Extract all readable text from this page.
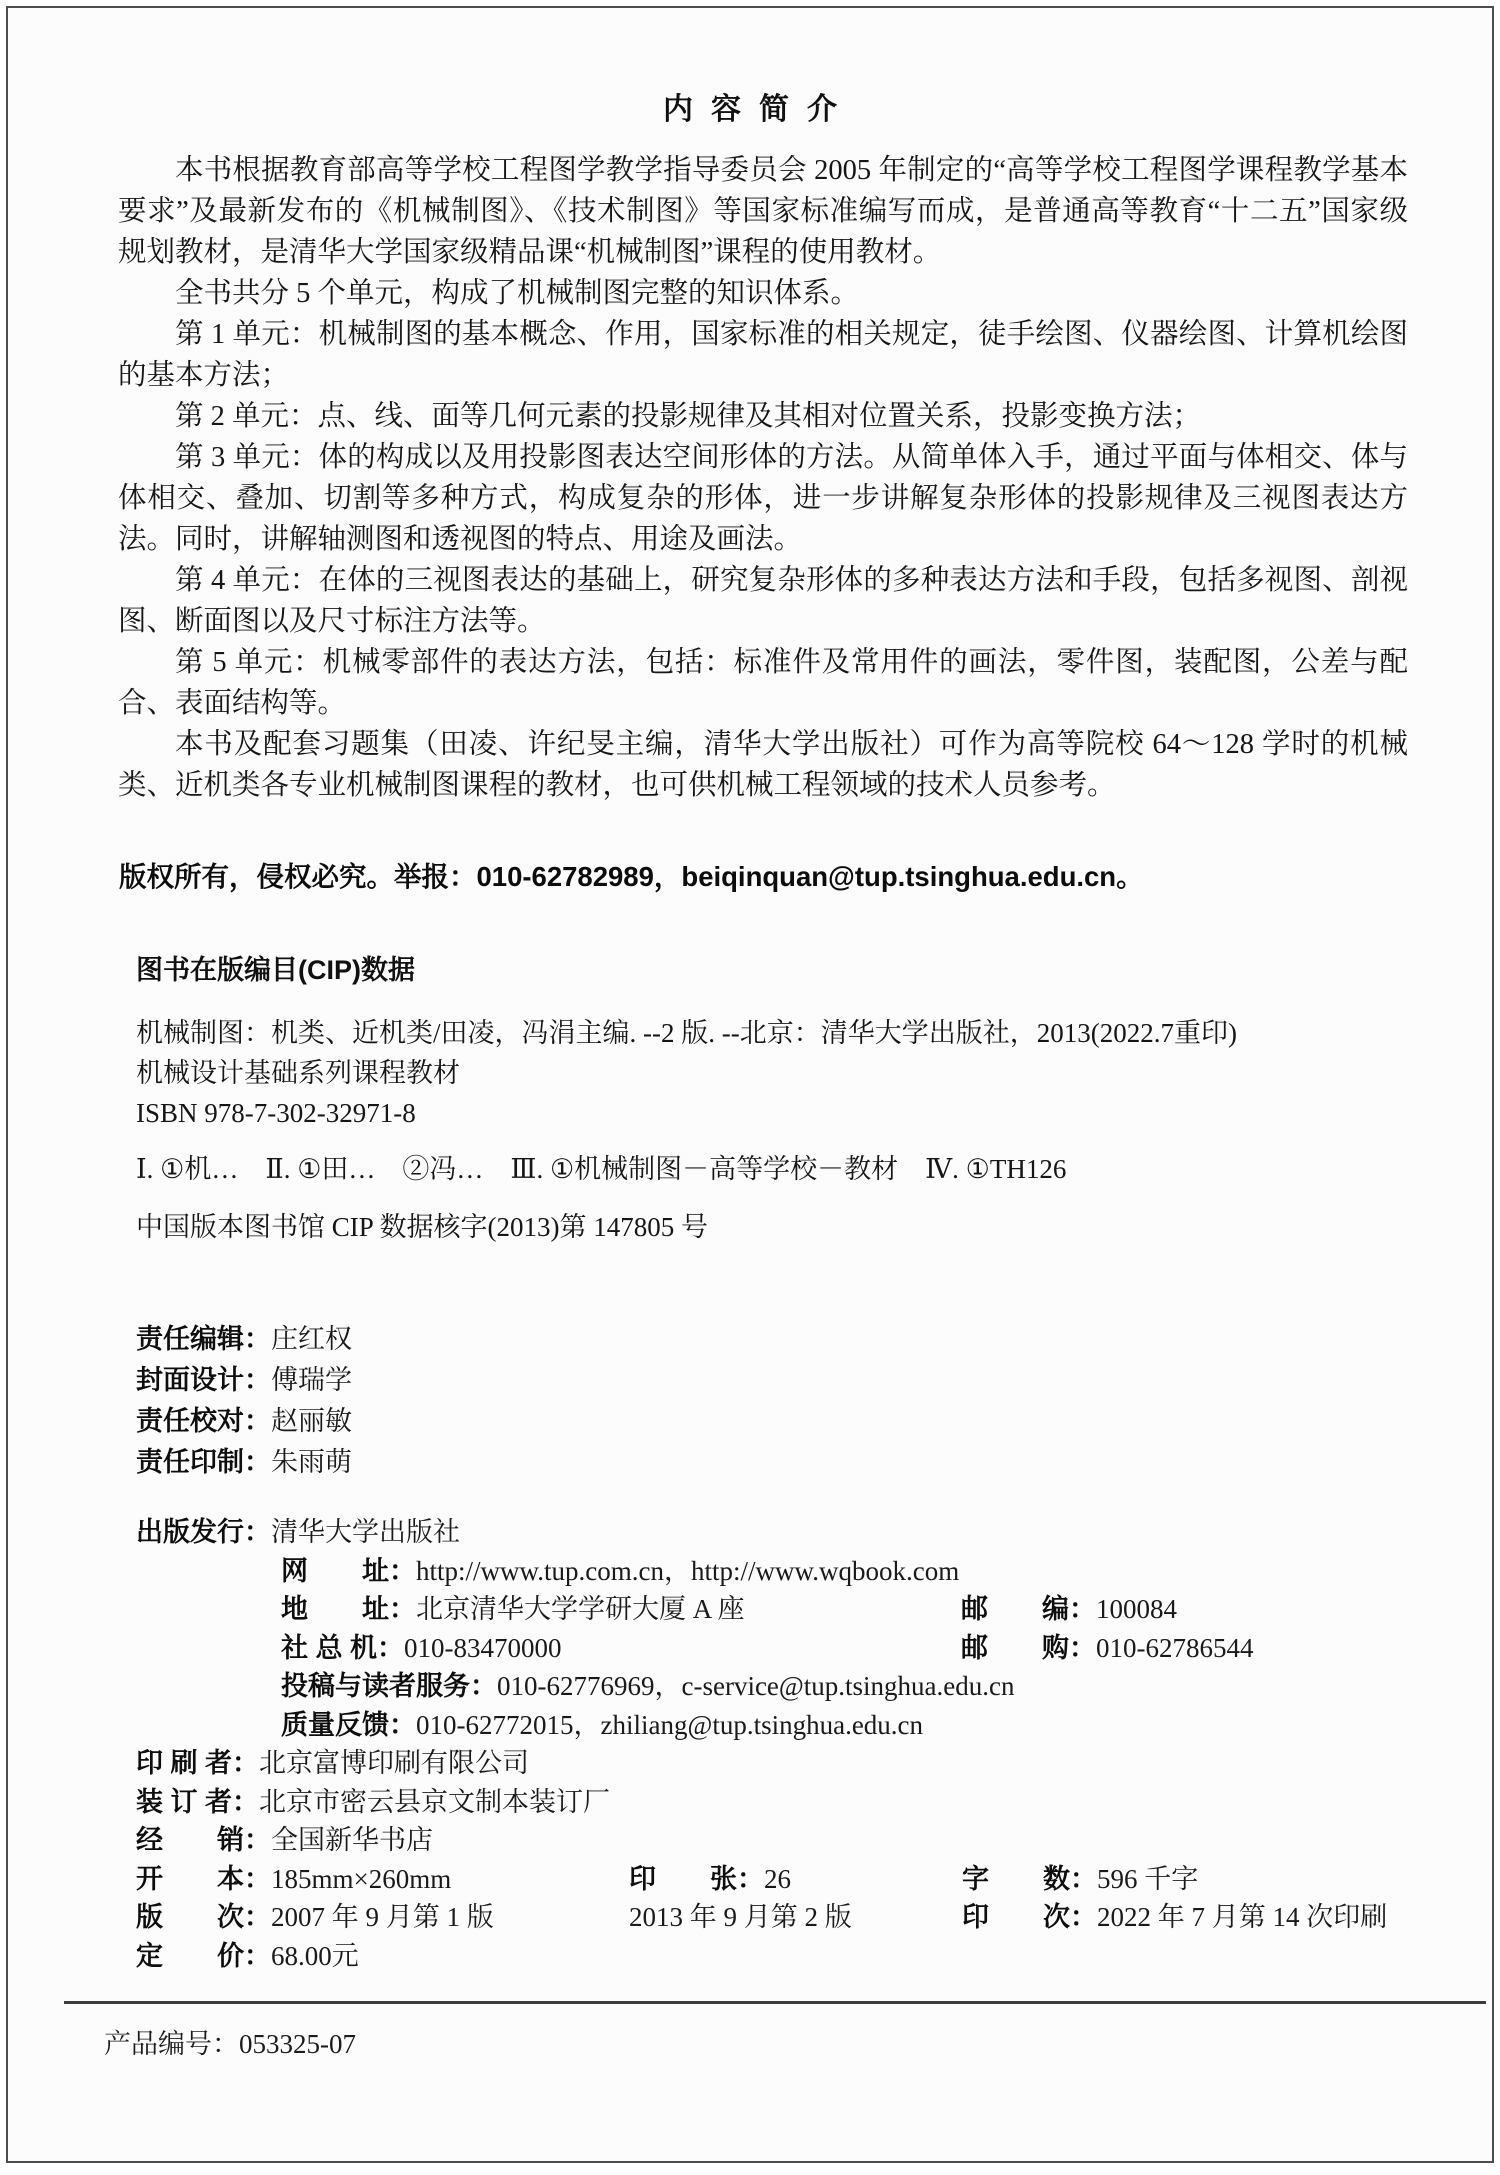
内容简介

本书根据教育部高等学校工程图学教学指导委员会 2005 年制定的“高等学校工程图学课程教学基本要求”及最新发布的《机械制图》、《技术制图》等国家标准编写而成，是普通高等教育“十二五”国家级规划教材，是清华大学国家级精品课“机械制图”课程的使用教材。

全书共分 5 个单元，构成了机械制图完整的知识体系。

第 1 单元：机械制图的基本概念、作用，国家标准的相关规定，徒手绘图、仪器绘图、计算机绘图的基本方法；

第 2 单元：点、线、面等几何元素的投影规律及其相对位置关系，投影变换方法；

第 3 单元：体的构成以及用投影图表达空间形体的方法。从简单体入手，通过平面与体相交、体与体相交、叠加、切割等多种方式，构成复杂的形体，进一步讲解复杂形体的投影规律及三视图表达方法。同时，讲解轴测图和透视图的特点、用途及画法。

第 4 单元：在体的三视图表达的基础上，研究复杂形体的多种表达方法和手段，包括多视图、剖视图、断面图以及尺寸标注方法等。

第 5 单元：机械零部件的表达方法，包括：标准件及常用件的画法，零件图，装配图，公差与配合、表面结构等。

本书及配套习题集（田凌、许纪旻主编，清华大学出版社）可作为高等院校 64～128 学时的机械类、近机类各专业机械制图课程的教材，也可供机械工程领域的技术人员参考。

版权所有，侵权必究。举报：010-62782989，beiqinquan@tup.tsinghua.edu.cn。

图书在版编目(CIP)数据

机械制图：机类、近机类/田凌，冯涓主编. --2 版. --北京：清华大学出版社，2013(2022.7重印)

机械设计基础系列课程教材

ISBN 978-7-302-32971-8

Ⅰ. ①机…　Ⅱ. ①田…　②冯…　Ⅲ. ①机械制图－高等学校－教材　Ⅳ. ①TH126

中国版本图书馆 CIP 数据核字(2013)第 147805 号

责任编辑：庄红权
封面设计：傅瑞学
责任校对：赵丽敏
责任印制：朱雨萌
出版发行：清华大学出版社
网　　址：http://www.tup.com.cn，http://www.wqbook.com
地　　址：北京清华大学学研大厦 A 座	邮　　编：100084
社 总 机：010-83470000	邮　　购：010-62786544
投稿与读者服务：010-62776969，c-service@tup.tsinghua.edu.cn
质量反馈：010-62772015，zhiliang@tup.tsinghua.edu.cn
印 刷 者：北京富博印刷有限公司
装 订 者：北京市密云县京文制本装订厂
经　　销：全国新华书店
开　　本：185mm×260mm	印　　张：26	字　　数：596 千字
版　　次：2007 年 9 月第 1 版	2013 年 9 月第 2 版	印　　次：2022 年 7 月第 14 次印刷
定　　价：68.00元

产品编号：053325-07
